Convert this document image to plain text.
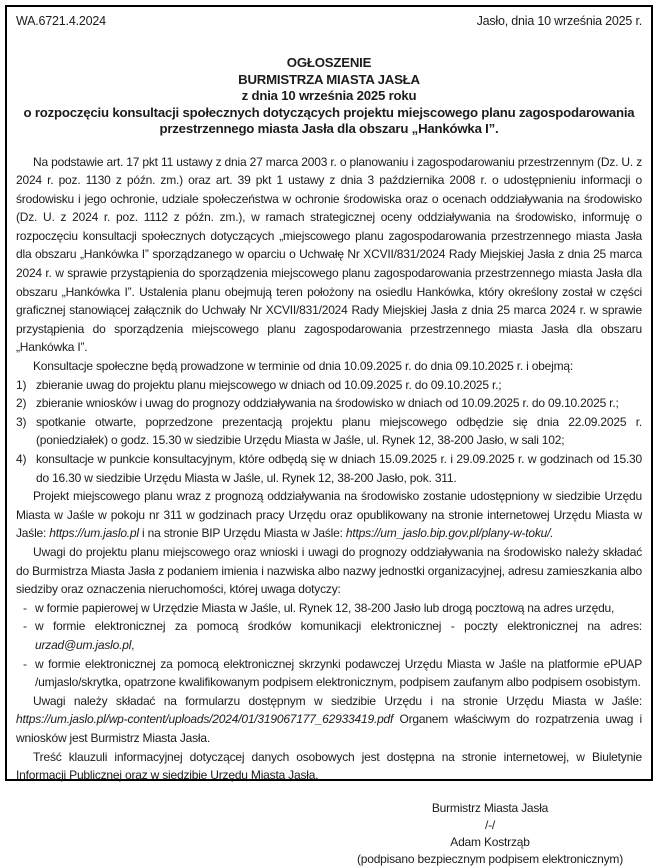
WA.6721.4.2024	Jasło, dnia 10 września 2025 r.
OGŁOSZENIE
BURMISTRZA MIASTA JASŁA
z dnia 10 września 2025 roku
o rozpoczęciu konsultacji społecznych dotyczących projektu miejscowego planu zagospodarowania
przestrzennego miasta Jasła dla obszaru „Hankówka I”.
Na podstawie art. 17 pkt 11 ustawy z dnia 27 marca 2003 r. o planowaniu i zagospodarowaniu przestrzennym (Dz. U. z 2024 r. poz. 1130 z późn. zm.) oraz art. 39 pkt 1 ustawy z dnia 3 października 2008 r. o udostępnieniu informacji o środowisku i jego ochronie, udziale społeczeństwa w ochronie środowiska oraz o ocenach oddziaływania na środowisko (Dz. U. z 2024 r. poz. 1112 z późn. zm.), w ramach strategicznej oceny oddziaływania na środowisko, informuję o rozpoczęciu konsultacji społecznych dotyczących „miejscowego planu zagospodarowania przestrzennego miasta Jasła dla obszaru „Hankówka I” sporządzanego w oparciu o Uchwałę Nr XCVII/831/2024 Rady Miejskiej Jasła z dnia 25 marca 2024 r. w sprawie przystąpienia do sporządzenia miejscowego planu zagospodarowania przestrzennego miasta Jasła dla obszaru „Hankówka I”. Ustalenia planu obejmują teren położony na osiedlu Hankówka, który określony został w części graficznej stanowiącej załącznik do Uchwały Nr XCVII/831/2024 Rady Miejskiej Jasła z dnia 25 marca 2024 r. w sprawie przystąpienia do sporządzenia miejscowego planu zagospodarowania przestrzennego miasta Jasła dla obszaru „Hankówka I”.
Konsultacje społeczne będą prowadzone w terminie od dnia 10.09.2025 r. do dnia 09.10.2025 r. i obejmą:
1) zbieranie uwag do projektu planu miejscowego w dniach od 10.09.2025 r. do 09.10.2025 r.;
2) zbieranie wniosków i uwag do prognozy oddziaływania na środowisko w dniach od 10.09.2025 r. do 09.10.2025 r.;
3) spotkanie otwarte, poprzedzone prezentacją projektu planu miejscowego odbędzie się dnia 22.09.2025 r. (poniedziałek) o godz. 15.30 w siedzibie Urzędu Miasta w Jaśle, ul. Rynek 12, 38-200 Jasło, w sali 102;
4) konsultacje w punkcie konsultacyjnym, które odbędą się w dniach 15.09.2025 r. i 29.09.2025 r. w godzinach od 15.30 do 16.30 w siedzibie Urzędu Miasta w Jaśle, ul. Rynek 12, 38-200 Jasło, pok. 311.
Projekt miejscowego planu wraz z prognozą oddziaływania na środowisko zostanie udostępniony w siedzibie Urzędu Miasta w Jaśle w pokoju nr 311 w godzinach pracy Urzędu oraz opublikowany na stronie internetowej Urzędu Miasta w Jaśle: https://um.jaslo.pl i na stronie BIP Urzędu Miasta w Jaśle: https://um_jaslo.bip.gov.pl/plany-w-toku/.
Uwagi do projektu planu miejscowego oraz wnioski i uwagi do prognozy oddziaływania na środowisko należy składać do Burmistrza Miasta Jasła z podaniem imienia i nazwiska albo nazwy jednostki organizacyjnej, adresu zamieszkania albo siedziby oraz oznaczenia nieruchomości, której uwaga dotyczy:
- w formie papierowej w Urzędzie Miasta w Jaśle, ul. Rynek 12, 38-200 Jasło lub drogą pocztową na adres urzędu,
- w formie elektronicznej za pomocą środków komunikacji elektronicznej - poczty elektronicznej na adres: urzad@um.jaslo.pl,
- w formie elektronicznej za pomocą elektronicznej skrzynki podawczej Urzędu Miasta w Jaśle na platformie ePUAP /umjaslo/skrytka, opatrzone kwalifikowanym podpisem elektronicznym, podpisem zaufanym albo podpisem osobistym.
Uwagi należy składać na formularzu dostępnym w siedzibie Urzędu i na stronie Urzędu Miasta w Jaśle: https://um.jaslo.pl/wp-content/uploads/2024/01/319067177_62933419.pdf Organem właściwym do rozpatrzenia uwag i wniosków jest Burmistrz Miasta Jasła.
Treść klauzuli informacyjnej dotyczącej danych osobowych jest dostępna na stronie internetowej, w Biuletynie Informacji Publicznej oraz w siedzibie Urzędu Miasta Jasła.
Burmistrz Miasta Jasła
/-/
Adam Kostrząb
(podpisano bezpiecznym podpisem elektronicznym)
